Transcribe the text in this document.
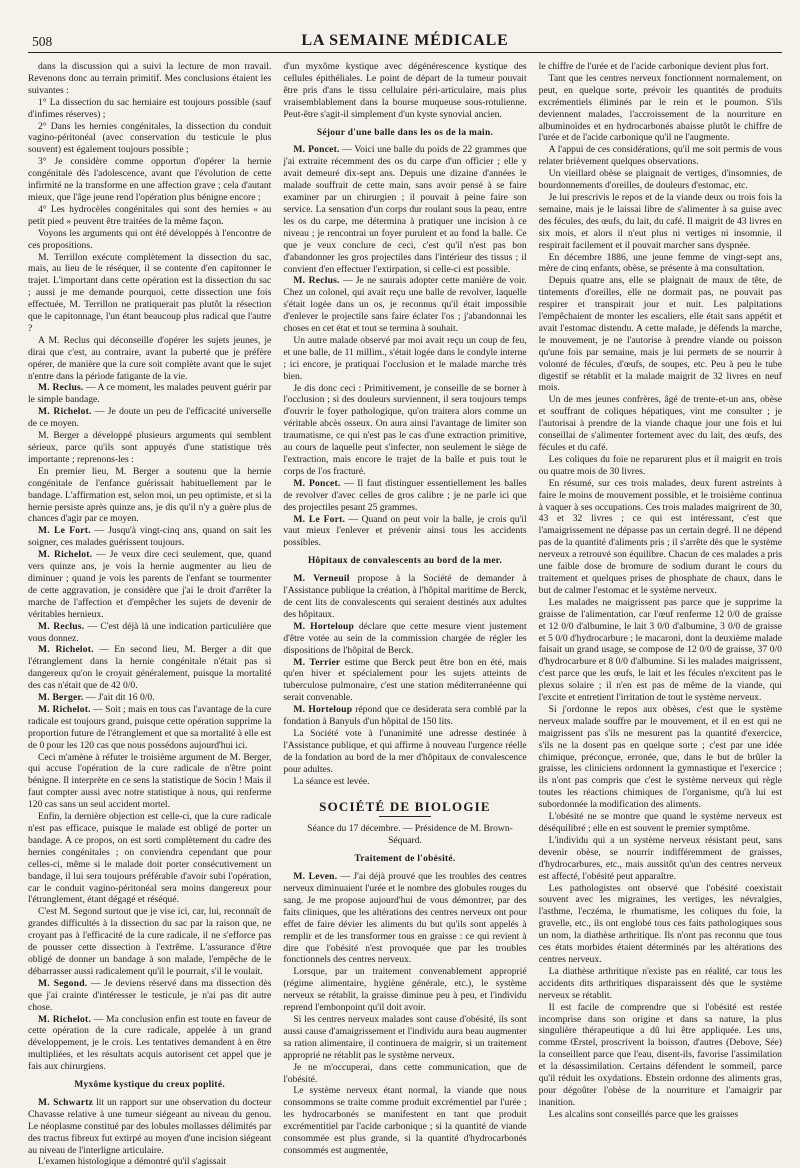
508	LA SEMAINE MÉDICALE

dans la discussion qui a suivi la lecture de mon travail. Revenons donc au terrain primitif. Mes conclusions étaient les suivantes :

1° La dissection du sac herniaire est toujours possible (sauf d'infimes réserves) ;

2° Dans les hernies congénitales, la dissection du conduit vagino-péritonéal (avec conservation du testicule le plus souvent) est également toujours possible ;

3° Je considère comme opportun d'opérer la hernie congénitale dès l'adolescence, avant que l'évolution de cette infirmité ne la transforme en une affection grave ; cela d'autant mieux, que l'âge jeune rend l'opération plus bénigne encore ;

4° Les hydrocèles congénitales qui sont des hernies « au petit pied » peuvent être traitées de la même façon.

Voyons les arguments qui ont été développés à l'encontre de ces propositions.

M. Terrillon exécute complètement la dissection du sac, mais, au lieu de le réséquer, il se contente d'en capitonner le trajet. L'important dans cette opération est la dissection du sac ; aussi je me demande pourquoi, cette dissection une fois effectuée, M. Terrillon ne pratiquerait pas plutôt la résection que le capitonnage, l'un étant beaucoup plus radical que l'autre ?

A M. Reclus qui déconseille d'opérer les sujets jeunes, je dirai que c'est, au contraire, avant la puberté que je préfère opérer, de manière que la cure soit complète avant que le sujet n'entre dans la période fatigante de la vie.

M. Reclus. — A ce moment, les malades peuvent guérir par le simple bandage.

M. Richelot. — Je doute un peu de l'efficacité universelle de ce moyen.

M. Berger a développé plusieurs arguments qui semblent sérieux, parce qu'ils sont appuyés d'une statistique très importante ; reprenons-les :

En premier lieu, M. Berger a soutenu que la hernie congénitale de l'enfance guérissait habituellement par le bandage. L'affirmation est, selon moi, un peu optimiste, et si la hernie persiste après quinze ans, je dis qu'il n'y a guère plus de chances d'agir par ce moyen.

M. Le Fort. — Jusqu'à vingt-cinq ans, quand on sait les soigner, ces malades guérissent toujours.

M. Richelot. — Je veux dire ceci seulement, que, quand vers quinze ans, je vois la hernie augmenter au lieu de diminuer ; quand je vois les parents de l'enfant se tourmenter de cette aggravation, je considère que j'ai le droit d'arrêter la marche de l'affection et d'empêcher les sujets de devenir de véritables hernieux.

M. Reclus. — C'est déjà là une indication particulière que vous donnez.

M. Richelot. — En second lieu, M. Berger a dit que l'étranglement dans la hernie congénitale n'était pas si dangereux qu'on le croyait généralement, puisque la mortalité des cas n'était que de 42 0/0.

M. Berger. — J'ait dit 16 0/0.

M. Richelot. — Soit ; mais en tous cas l'avantage de la cure radicale est toujours grand, puisque cette opération supprime la proportion future de l'étranglement et que sa mortalité à elle est de 0 pour les 120 cas que nous possédons aujourd'hui ici.

Ceci m'amène à réfuter le troisième argument de M. Berger, qui accuse l'opération de la cure radicale de n'être point bénigne. Il interprète en ce sens la statistique de Socin ! Mais il faut compter aussi avec notre statistique à nous, qui renferme 120 cas sans un seul accident mortel.

Enfin, la dernière objection est celle-ci, que la cure radicale n'est pas efficace, puisque le malade est obligé de porter un bandage. A ce propos, on est sorti complètement du cadre des hernies congénitales ; on conviendra cependant que pour celles-ci, même si le malade doit porter consécutivement un bandage, il lui sera toujours préférable d'avoir subi l'opération, car le conduit vagino-péritonéal sera moins dangereux pour l'étranglement, étant dégagé et réséqué.

C'est M. Segond surtout que je vise ici, car, lui, reconnaît de grandes difficultés à la dissection du sac par la raison que, ne croyant pas à l'efficacité de la cure radicale, il ne s'efforce pas de pousser cette dissection à l'extrême. L'assurance d'être obligé de donner un bandage à son malade, l'empêche de le débarrasser aussi radicalement qu'il le pourrait, s'il le voulait.

M. Segond. — Je deviens réservé dans ma dissection dès que j'ai crainte d'intéresser le testicule, je n'ai pas dit autre chose.

M. Richelot. — Ma conclusion enfin est toute en faveur de cette opération de la cure radicale, appelée à un grand développement, je le crois. Les tentatives demandent à en être multipliées, et les résultats acquis autorisent cet appel que je fais aux chirurgiens.

Myxôme kystique du creux poplité.

M. Schwartz lit un rapport sur une observation du docteur Chavasse relative à une tumeur siégeant au niveau du genou. Le néoplasme constitué par des lobules mollasses délimités par des tractus fibreux fut extirpé au moyen d'une incision siégeant au niveau de l'interligne articulaire.

L'examen histologique a démontré qu'il s'agissait

d'un myxôme kystique avec dégénérescence kystique des cellules épithéliales. Le point de départ de la tumeur pouvait être pris d'ans le tissu cellulaire péri-articulaire, mais plus vraisemblablement dans la bourse muqueuse sous-rotulienne. Peut-être s'agit-il simplement d'un kyste synovial ancien.

Séjour d'une balle dans les os de la main.

M. Poncet. — Voici une balle du poids de 22 grammes que j'ai extraite récemment des os du carpe d'un officier ; elle y avait demeuré dix-sept ans. Depuis une dizaine d'années le malade souffrait de cette main, sans avoir pensé à se faire examiner par un chirurgien ; il pouvait à peine faire son service. La sensation d'un corps dur roulant sous la peau, entre les os du carpe, me détermina à pratiquer une incision à ce niveau ; je rencontrai un foyer purulent et au fond la balle. Ce que je veux conclure de ceci, c'est qu'il n'est pas bon d'abandonner les gros projectiles dans l'intérieur des tissus ; il convient d'en effectuer l'extirpation, si celle-ci est possible.

M. Reclus. — Je ne saurais adopter cette manière de voir. Chez un colonel, qui avait reçu une balle de revolver, laquelle s'était logée dans un os, je reconnus qu'il était impossible d'enlever le projectile sans faire éclater l'os ; j'abandonnai les choses en cet état et tout se termina à souhait.

Un autre malade observé par moi avait reçu un coup de feu, et une balle, de 11 millim., s'était logée dans le condyle interne ; ici encore, je pratiquai l'occlusion et le malade marche très bien.

Je dis donc ceci : Primitivement, je conseille de se borner à l'occlusion ; si des douleurs surviennent, il sera toujours temps d'ouvrir le foyer pathologique, qu'on traitera alors comme un véritable abcès osseux. On aura ainsi l'avantage de limiter son traumatisme, ce qui n'est pas le cas d'une extraction primitive, au cours de laquelle peut s'infecter, non seulement le siège de l'extraction, mais encore le trajet de la balle et puis tout le corps de l'os fracturé.

M. Poncet. — Il faut distinguer essentiellement les balles de revolver d'avec celles de gros calibre ; je ne parle ici que des projectiles pesant 25 grammes.

M. Le Fort. — Quand on peut voir la balle, je crois qu'il vaut mieux l'enlever et prévenir ainsi tous les accidents possibles.

Hôpitaux de convalescents au bord de la mer.

M. Verneuil propose à la Société de demander à l'Assistance publique la création, à l'hôpital maritime de Berck, de cent lits de convalescents qui seraient destinés aux adultes des hôpitaux.

M. Horteloup déclare que cette mesure vient justement d'être votée au sein de la commission chargée de régler les dispositions de l'hôpital de Berck.

M. Terrier estime que Berck peut être bon en été, mais qu'en hiver et spécialement pour les sujets atteints de tuberculose pulmonaire, c'est une station méditerranéenne qui serait convenable.

M. Horteloup répond que ce desiderata sera comblé par la fondation à Banyuls d'un hôpital de 150 lits.

La Société vote à l'unanimité une adresse destinée à l'Assistance publique, et qui affirme à nouveau l'urgence réelle de la fondation au bord de la mer d'hôpitaux de convalescence pour adultes.

La séance est levée.

SOCIÉTÉ DE BIOLOGIE

Séance du 17 décembre. — Présidence de M. Brown-Séquard.

Traitement de l'obésité.

M. Leven. — J'ai déjà prouvé que les troubles des centres nerveux diminuaient l'urée et le nombre des globules rouges du sang. Je me propose aujourd'hui de vous démontrer, par des faits cliniques, que les altérations des centres nerveux ont pour effet de faire dévier les aliments du but qu'ils sont appelés à remplir et de les transformer tous en graisse : ce qui revient à dire que l'obésité n'est provoquée que par les troubles fonctionnels des centres nerveux.

Lorsque, par un traitement convenablement approprié (régime alimentaire, hygiène générale, etc.), le système nerveux se rétablit, la graisse diminue peu à peu, et l'individu reprend l'embonpoint qu'il doit avoir.

Si les centres nerveux malades sont cause d'obésité, ils sont aussi cause d'amaigrissement et l'individu aura beau augmenter sa ration alimentaire, il continuera de maigrir, si un traitement approprié ne rétablit pas le système nerveux.

Je ne m'occuperai, dans cette communication, que de l'obésité.

Le système nerveux étant normal, la viande que nous consommons se traite comme produit excrémentiel par l'urée ; les hydrocarbonés se manifestent en tant que produit excrémentitiel par l'acide carbonique ; si la quantité de viande consommée est plus grande, si la quantité d'hydrocarbonés consommés est augmentée,

le chiffre de l'urée et de l'acide carbonique devient plus fort.

Tant que les centres nerveux fonctionnent normalement, on peut, en quelque sorte, prévoir les quantités de produits excrémentiels éliminés par le rein et le poumon. S'ils deviennent malades, l'accroissement de la nourriture en albuminoïdes et en hydrocarbonés abaisse plutôt le chiffre de l'urée et de l'acide carbonique qu'il ne l'augmente.

A l'appui de ces considérations, qu'il me soit permis de vous relater brièvement quelques observations.

Un vieillard obèse se plaignait de vertiges, d'insomnies, de bourdonnements d'oreilles, de douleurs d'estomac, etc.

Je lui prescrivis le repos et de la viande deux ou trois fois la semaine, mais je le laissai libre de s'alimenter à sa guise avec des fécules, des œufs, du lait, du café. Il maigrit de 43 livres en six mois, et alors il n'eut plus ni vertiges ni insomnie, il respirait facilement et il pouvait marcher sans dyspnée.

En décembre 1886, une jeune femme de vingt-sept ans, mère de cinq enfants, obèse, se présente à ma consultation.

Depuis quatre ans, elle se plaignait de maux de tête, de tintements d'oreilles, elle ne dormait pas, ne pouvait pas respirer et transpirait jour et nuit. Les palpitations l'empêchaient de monter les escaliers, elle était sans appétit et avait l'estomac distendu. A cette malade, je défends la marche, le mouvement, je ne l'autorise à prendre viande ou poisson qu'une fois par semaine, mais je lui permets de se nourrir à volonté de fécules, d'œufs, de soupes, etc. Peu à peu le tube digestif se rétablit et la malade maigrit de 32 livres en neuf mois.

Un de mes jeunes confrères, âgé de trente-et-un ans, obèse et souffrant de coliques hépatiques, vint me consulter ; je l'autorisai à prendre de la viande chaque jour une fois et lui conseillai de s'alimenter fortement avec du lait, des œufs, des fécules et du café.

Les coliques du foie ne reparurent plus et il maigrit en trois ou quatre mois de 30 livres.

En résumé, sur ces trois malades, deux furent astreints à faire le moins de mouvement possible, et le troisième continua à vaquer à ses occupations. Ces trois malades maigrirent de 30, 43 et 32 livres ; ce qui est intéressant, c'est que l'amaigrissement ne dépasse pas un certain degré. Il ne dépend pas de la quantité d'aliments pris ; il s'arrête dès que le système nerveux a retrouvé son équilibre. Chacun de ces malades a pris une faible dose de bromure de sodium durant le cours du traitement et quelques prises de phosphate de chaux, dans le but de calmer l'estomac et le système nerveux.

Les malades ne maigrissent pas parce que je supprime la graisse de l'alimentation, car l'œuf renferme 12 0/0 de graisse et 12 0/0 d'albumine, le lait 3 0/0 d'albumine, 3 0/0 de graisse et 5 0/0 d'hydrocarbure ; le macaroni, dont la deuxième malade faisait un grand usage, se compose de 12 0/0 de graisse, 37 0/0 d'hydrocarbure et 8 0/0 d'albumine. Si les malades maigrissent, c'est parce que les œufs, le lait et les fécules n'excitent pas le plexus solaire ; il n'en est pas de même de la viande, qui l'excite et entretient l'irritation de tout le système nerveux.

Si j'ordonne le repos aux obèses, c'est que le système nerveux malade souffre par le mouvement, et il en est qui ne maigrissent pas s'ils ne mesurent pas la quantité d'exercice, s'ils ne la dosent pas en quelque sorte ; c'est par une idée chimique, préconçue, erronée, que, dans le but de brûler la graisse, les cliniciens ordonnent la gymnastique et l'exercice ; ils n'ont pas compris que c'est le système nerveux qui règle toutes les réactions chimiques de l'organisme, qu'à lui est subordonnée la modification des aliments.

L'obésité ne se montre que quand le système nerveux est déséquilibré ; elle en est souvent le premier symptôme.

L'individu qui a un système nerveux résistant peut, sans devenir obèse, se nourrir indifféremment de graisses, d'hydrocarbures, etc., mais aussitôt qu'un des centres nerveux est affecté, l'obésité peut apparaître.

Les pathologistes ont observé que l'obésité coexistait souvent avec les migraines, les vertiges, les névralgies, l'asthme, l'eczéma, le rhumatisme, les coliques du foie, la gravelle, etc., ils ont englobé tous ces faits pathologiques sous un nom, la diathèse arthritique. Ils n'ont pas reconnu que tous ces états morbides étaient déterminés par les altérations des centres nerveux.

La diathèse arthritique n'existe pas en réalité, car tous les accidents dits arthritiques disparaissent dès que le système nerveux se rétablit.

Il est facile de comprendre que si l'obésité est restée incomprise dans son origine et dans sa nature, la plus singulière thérapeutique a dû lui être appliquée. Les uns, comme Œrstel, proscrivent la boisson, d'autres (Debove, Sée) la conseillent parce que l'eau, disent-ils, favorise l'assimilation et la désassimilation. Certains défendent le sommeil, parce qu'il réduit les oxydations. Ebstein ordonne des aliments gras, pour dégoûter l'obèse de la nourriture et l'amaigrir par inanition.

Les alcalins sont conseillés parce que les graisses
